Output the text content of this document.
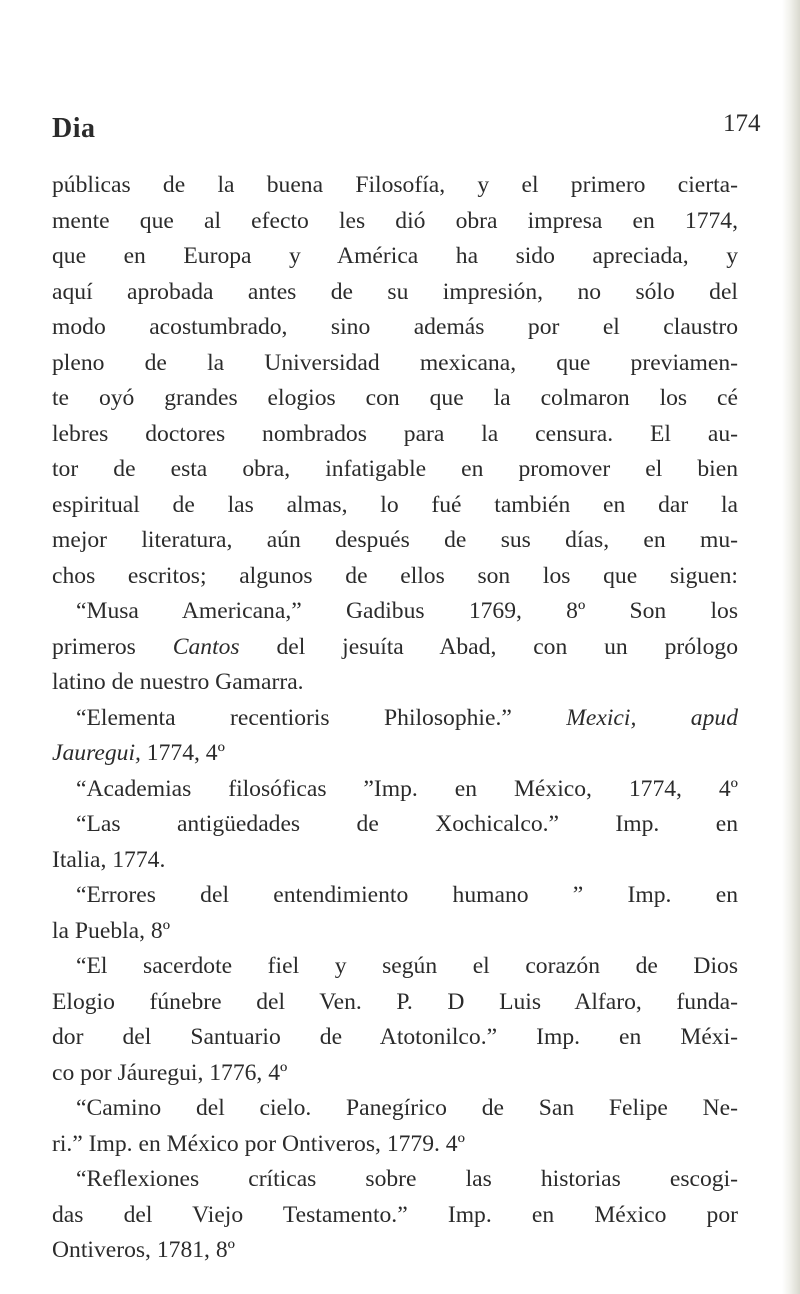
Dia	174
públicas de la buena Filosofía, y el primero cierta-
mente que al efecto les dió obra impresa en 1774,
que en Europa y América ha sido apreciada, y
aquí aprobada antes de su impresión, no sólo del
modo acostumbrado, sino además por el claustro
pleno de la Universidad mexicana, que previamen-
te oyó grandes elogios con que la colmaron los cé
lebres doctores nombrados para la censura. El au-
tor de esta obra, infatigable en promover el bien
espiritual de las almas, lo fué también en dar la
mejor literatura, aún después de sus días, en mu-
chos escritos; algunos de ellos son los que siguen:
“Musa Americana,” Gadibus 1769, 8º Son los
primeros Cantos del jesuíta Abad, con un prólogo
latino de nuestro Gamarra.
“Elementa recentioris Philosophie.” Mexici, apud
Jauregui, 1774, 4º
“Academias filosóficas ”Imp. en México, 1774, 4º
“Las antigüedades de Xochicalco.” Imp. en
Italia, 1774.
“Errores del entendimiento humano ” Imp. en
la Puebla, 8º
“El sacerdote fiel y según el corazón de Dios
Elogio fúnebre del Ven. P. D Luis Alfaro, funda-
dor del Santuario de Atotonilco.” Imp. en Méxi-
co por Jáuregui, 1776, 4º
“Camino del cielo. Panegírico de San Felipe Ne-
ri.” Imp. en México por Ontiveros, 1779. 4º
“Reflexiones críticas sobre las historias escogi-
das del Viejo Testamento.” Imp. en México por
Ontiveros, 1781, 8º
